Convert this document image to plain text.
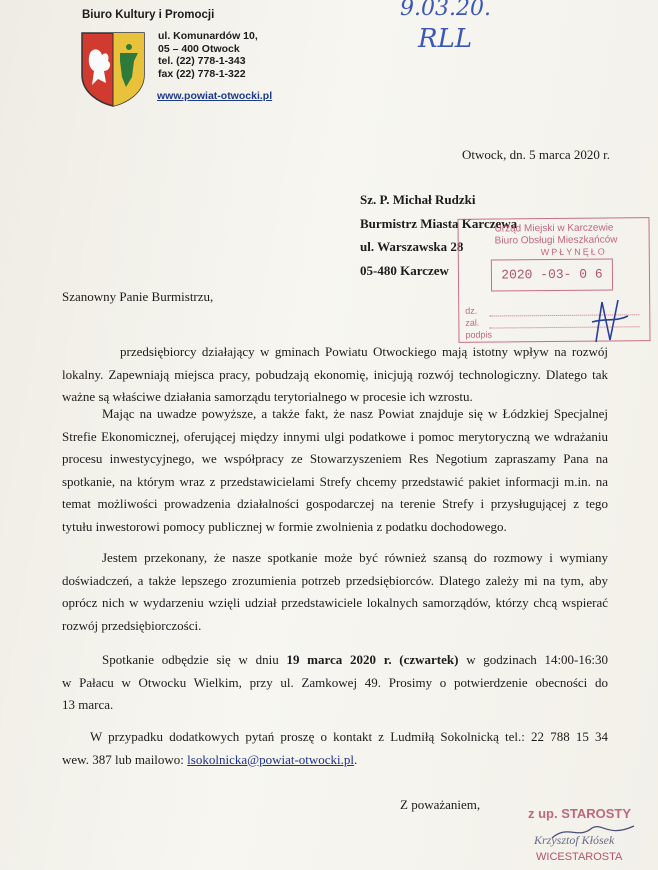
Biuro Kultury i Promocji
ul. Komunardów 10,
05 – 400 Otwock
tel. (22) 778-1-343
fax (22) 778-1-322
www.powiat-otwocki.pl
9.03.20.
RLL
Otwock, dn. 5 marca 2020 r.
Sz. P. Michał Rudzki
Burmistrz Miasta Karczewa
ul. Warszawska 28
05-480 Karczew
Urząd Miejski w Karczewie
Biuro Obsługi Mieszkańców
WPŁYNĘŁO
2020 -03- 0 6
dz.
zal.
podpis
Szanowny Panie Burmistrzu,
przedsiębiorcy działający w gminach Powiatu Otwockiego mają istotny wpływ na rozwój
lokalny. Zapewniają miejsca pracy, pobudzają ekonomię, inicjują rozwój technologiczny. Dlatego tak
ważne są właściwe działania samorządu terytorialnego w procesie ich wzrostu.
Mając na uwadze powyższe, a także fakt, że nasz Powiat znajduje się w Łódzkiej Specjalnej
Strefie Ekonomicznej, oferującej między innymi ulgi podatkowe i pomoc merytoryczną we wdrażaniu
procesu inwestycyjnego, we współpracy ze Stowarzyszeniem Res Negotium zapraszamy Pana na
spotkanie, na którym wraz z przedstawicielami Strefy chcemy przedstawić pakiet informacji m.in. na
temat możliwości prowadzenia działalności gospodarczej na terenie Strefy i przysługującej z tego
tytułu inwestorowi pomocy publicznej w formie zwolnienia z podatku dochodowego.
Jestem przekonany, że nasze spotkanie może być również szansą do rozmowy i wymiany
doświadczeń, a także lepszego zrozumienia potrzeb przedsiębiorców. Dlatego zależy mi na tym, aby
oprócz nich w wydarzeniu wzięli udział przedstawiciele lokalnych samorządów, którzy chcą wspierać
rozwój przedsiębiorczości.
Spotkanie odbędzie się w dniu 19 marca 2020 r. (czwartek) w godzinach 14:00-16:30
w Pałacu w Otwocku Wielkim, przy ul. Zamkowej 49. Prosimy o potwierdzenie obecności do
13 marca.
W przypadku dodatkowych pytań proszę o kontakt z Ludmiłą Sokolnicką tel.: 22 788 15 34
wew. 387 lub mailowo: lsokolnicka@powiat-otwocki.pl.
Z poważaniem,
z up. STAROSTY
Krzysztof Kłósek
WICESTAROSTA
